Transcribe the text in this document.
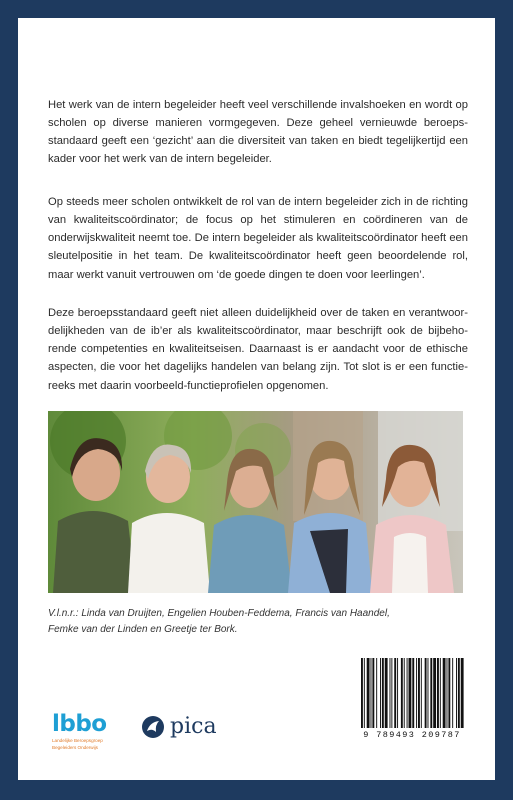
Het werk van de intern begeleider heeft veel verschillende invalshoeken en wordt op scholen op diverse manieren vormgegeven. Deze geheel vernieuwde beroepsstandaard geeft een ‘gezicht’ aan die diversiteit van taken en biedt tegelijkertijd een kader voor het werk van de intern begeleider.

Op steeds meer scholen ontwikkelt de rol van de intern begeleider zich in de richting van kwaliteitscoördinator; de focus op het stimuleren en coördineren van de onderwijskwaliteit neemt toe. De intern begeleider als kwaliteitscoördinator heeft een sleutelpositie in het team. De kwaliteitscoördinator heeft geen beoordelende rol, maar werkt vanuit vertrouwen om ‘de goede dingen te doen voor leerlingen’.

Deze beroepsstandaard geeft niet alleen duidelijkheid over de taken en verantwoordelijkheden van de ib’er als kwaliteitscoördinator, maar beschrijft ook de bijbehorende competenties en kwaliteitseisen. Daarnaast is er aandacht voor de ethische aspecten, die voor het dagelijks handelen van belang zijn. Tot slot is er een functiereeks met daarin voorbeeld-functieprofielen opgenomen.

V.l.n.r.: Linda van Druijten, Engelien Houben-Feddema, Francis van Haandel,
Femke van der Linden en Greetje ter Bork.

9 789493 209787
lbbo
Landelijke Beroepsgroep
Begeleiders Onderwijs
pica
